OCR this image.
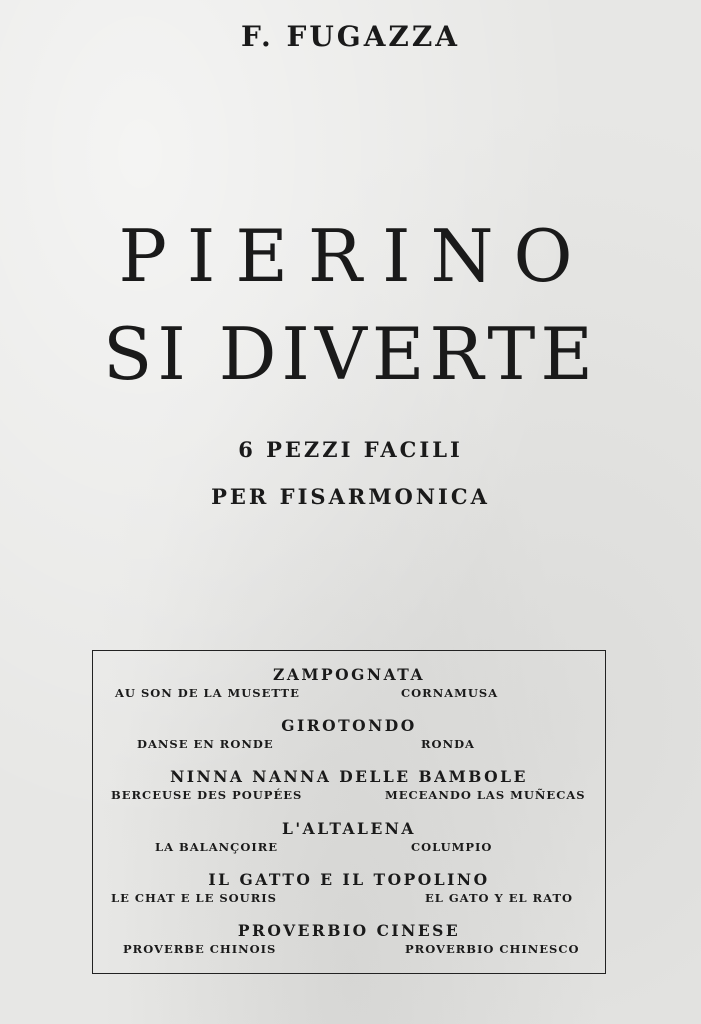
F. FUGAZZA
PIERINO
SI DIVERTE
6 PEZZI FACILI
PER FISARMONICA
ZAMPOGNATA
AU SON DE LA MUSETTE	CORNAMUSA
GIROTONDO
DANSE EN RONDE	RONDA
NINNA NANNA DELLE BAMBOLE
BERCEUSE DES POUPÉES	MECEANDO LAS MUÑECAS
L'ALTALENA
LA BALANÇOIRE	COLUMPIO
IL GATTO E IL TOPOLINO
LE CHAT E LE SOURIS	EL GATO Y EL RATO
PROVERBIO CINESE
PROVERBE CHINOIS	PROVERBIO CHINESCO
